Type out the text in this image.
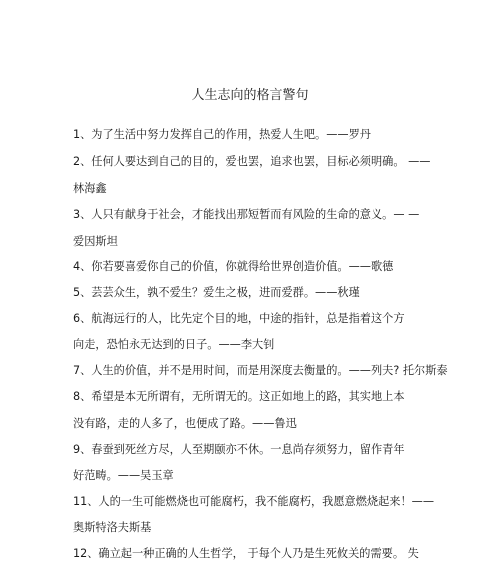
人生志向的格言警句
1、为了生活中努力发挥自己的作用，热爱人生吧。——罗丹
2、任何人要达到自己的目的，爱也罢，追求也罢，目标必须明确。 ——
林海鑫
3、人只有献身于社会，才能找出那短暂而有风险的生命的意义。— —
爱因斯坦
4、你若要喜爱你自己的价值，你就得给世界创造价值。——歌德
5、芸芸众生，孰不爱生？爱生之极，进而爱群。——秋瑾
6、航海远行的人，比先定个目的地，中途的指针，总是指着这个方
向走，恐怕永无达到的日子。——李大钊
7、人生的价值，并不是用时间，而是用深度去衡量的。——列夫? 托尔斯泰
8、希望是本无所谓有，无所谓无的。这正如地上的路，其实地上本
没有路，走的人多了，也便成了路。——鲁迅
9、春蚕到死丝方尽，人至期颐亦不休。一息尚存须努力，留作青年
好范畴。——吴玉章
11、人的一生可能燃烧也可能腐朽，我不能腐朽，我愿意燃烧起来！——
奥斯特洛夫斯基
12、确立起一种正确的人生哲学， 于每个人乃是生死攸关的需要。 失
